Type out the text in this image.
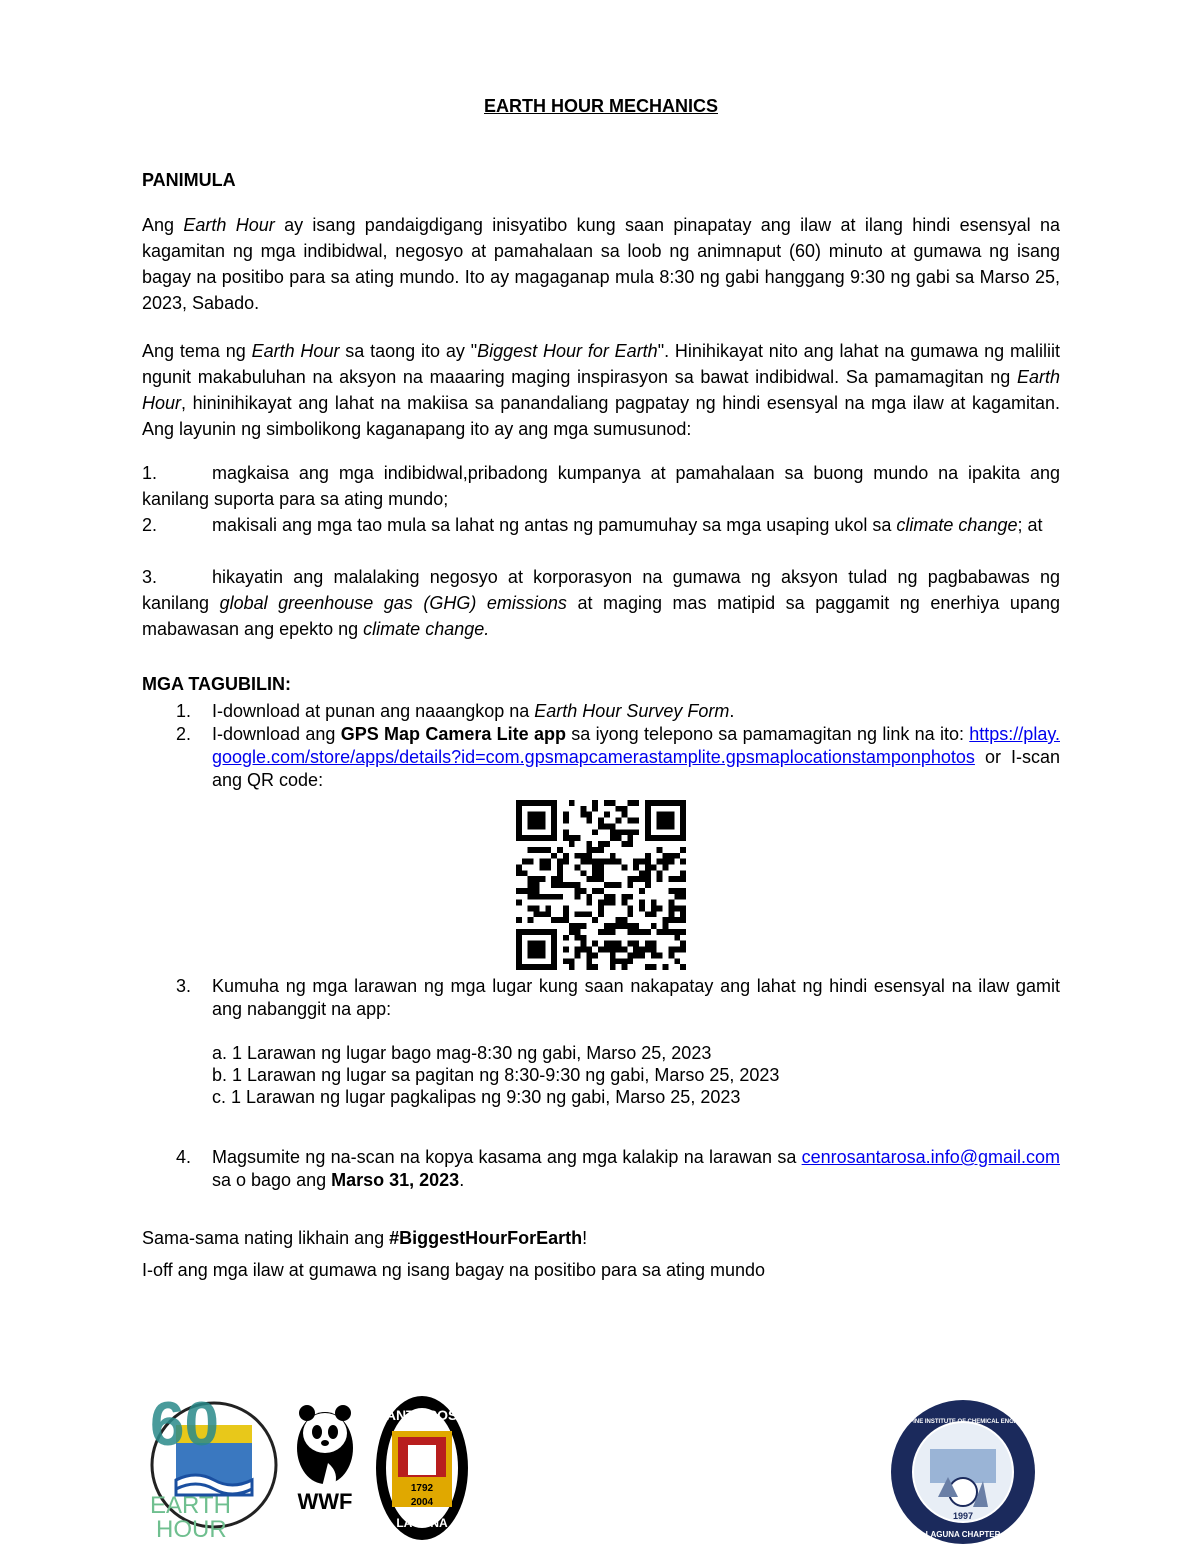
EARTH HOUR MECHANICS
PANIMULA

Ang Earth Hour ay isang pandaigdigang inisyatibo kung saan pinapatay ang ilaw at ilang hindi esensyal na kagamitan ng mga indibidwal, negosyo at pamahalaan sa loob ng animnaput (60) minuto at gumawa ng isang bagay na positibo para sa ating mundo. Ito ay magaganap mula 8:30 ng gabi hanggang 9:30 ng gabi sa Marso 25, 2023, Sabado.

Ang tema ng Earth Hour sa taong ito ay "Biggest Hour for Earth". Hinihikayat nito ang lahat na gumawa ng maliliit ngunit makabuluhan na aksyon na maaaring maging inspirasyon sa bawat indibidwal. Sa pamamagitan ng Earth Hour, hininihikayat ang lahat na makiisa sa panandaliang pagpatay ng hindi esensyal na mga ilaw at kagamitan. Ang layunin ng simbolikong kaganapang ito ay ang mga sumusunod:

1.	magkaisa ang mga indibidwal,pribadong kumpanya at pamahalaan sa buong mundo na ipakita ang kanilang suporta para sa ating mundo;
2.	makisali ang mga tao mula sa lahat ng antas ng pamumuhay sa mga usaping ukol sa climate change; at
3.	hikayatin ang malalaking negosyo at korporasyon na gumawa ng aksyon tulad ng pagbabawas ng kanilang global greenhouse gas (GHG) emissions at maging mas matipid sa paggamit ng enerhiya upang mabawasan ang epekto ng climate change.
MGA TAGUBILIN:
1. I-download at punan ang naaangkop na Earth Hour Survey Form.
2. I-download ang GPS Map Camera Lite app sa iyong telepono sa pamamagitan ng link na ito: https://play.google.com/store/apps/details?id=com.gpsmapcamerastamplite.gpsmaplocationstamponphotos or I-scan ang QR code:
3. Kumuha ng mga larawan ng mga lugar kung saan nakapatay ang lahat ng hindi esensyal na ilaw gamit ang nabanggit na app:
a. 1 Larawan ng lugar bago mag-8:30 ng gabi, Marso 25, 2023
b. 1 Larawan ng lugar sa pagitan ng 8:30-9:30 ng gabi, Marso 25, 2023
c. 1 Larawan ng lugar pagkalipas ng 9:30 ng gabi, Marso 25, 2023
4. Magsumite ng na-scan na kopya kasama ang mga kalakip na larawan sa cenrosantarosa.info@gmail.com sa o bago ang Marso 31, 2023.
Sama-sama nating likhain ang #BiggestHourForEarth!
I-off ang mga ilaw at gumawa ng isang bagay na positibo para sa ating mundo
60
EARTH
HOUR
WWF
SANTA ROSA
1792
2004
LAGUNA
PHILIPPINE INSTITUTE OF CHEMICAL ENGINEERS
1997
LAGUNA CHAPTER
